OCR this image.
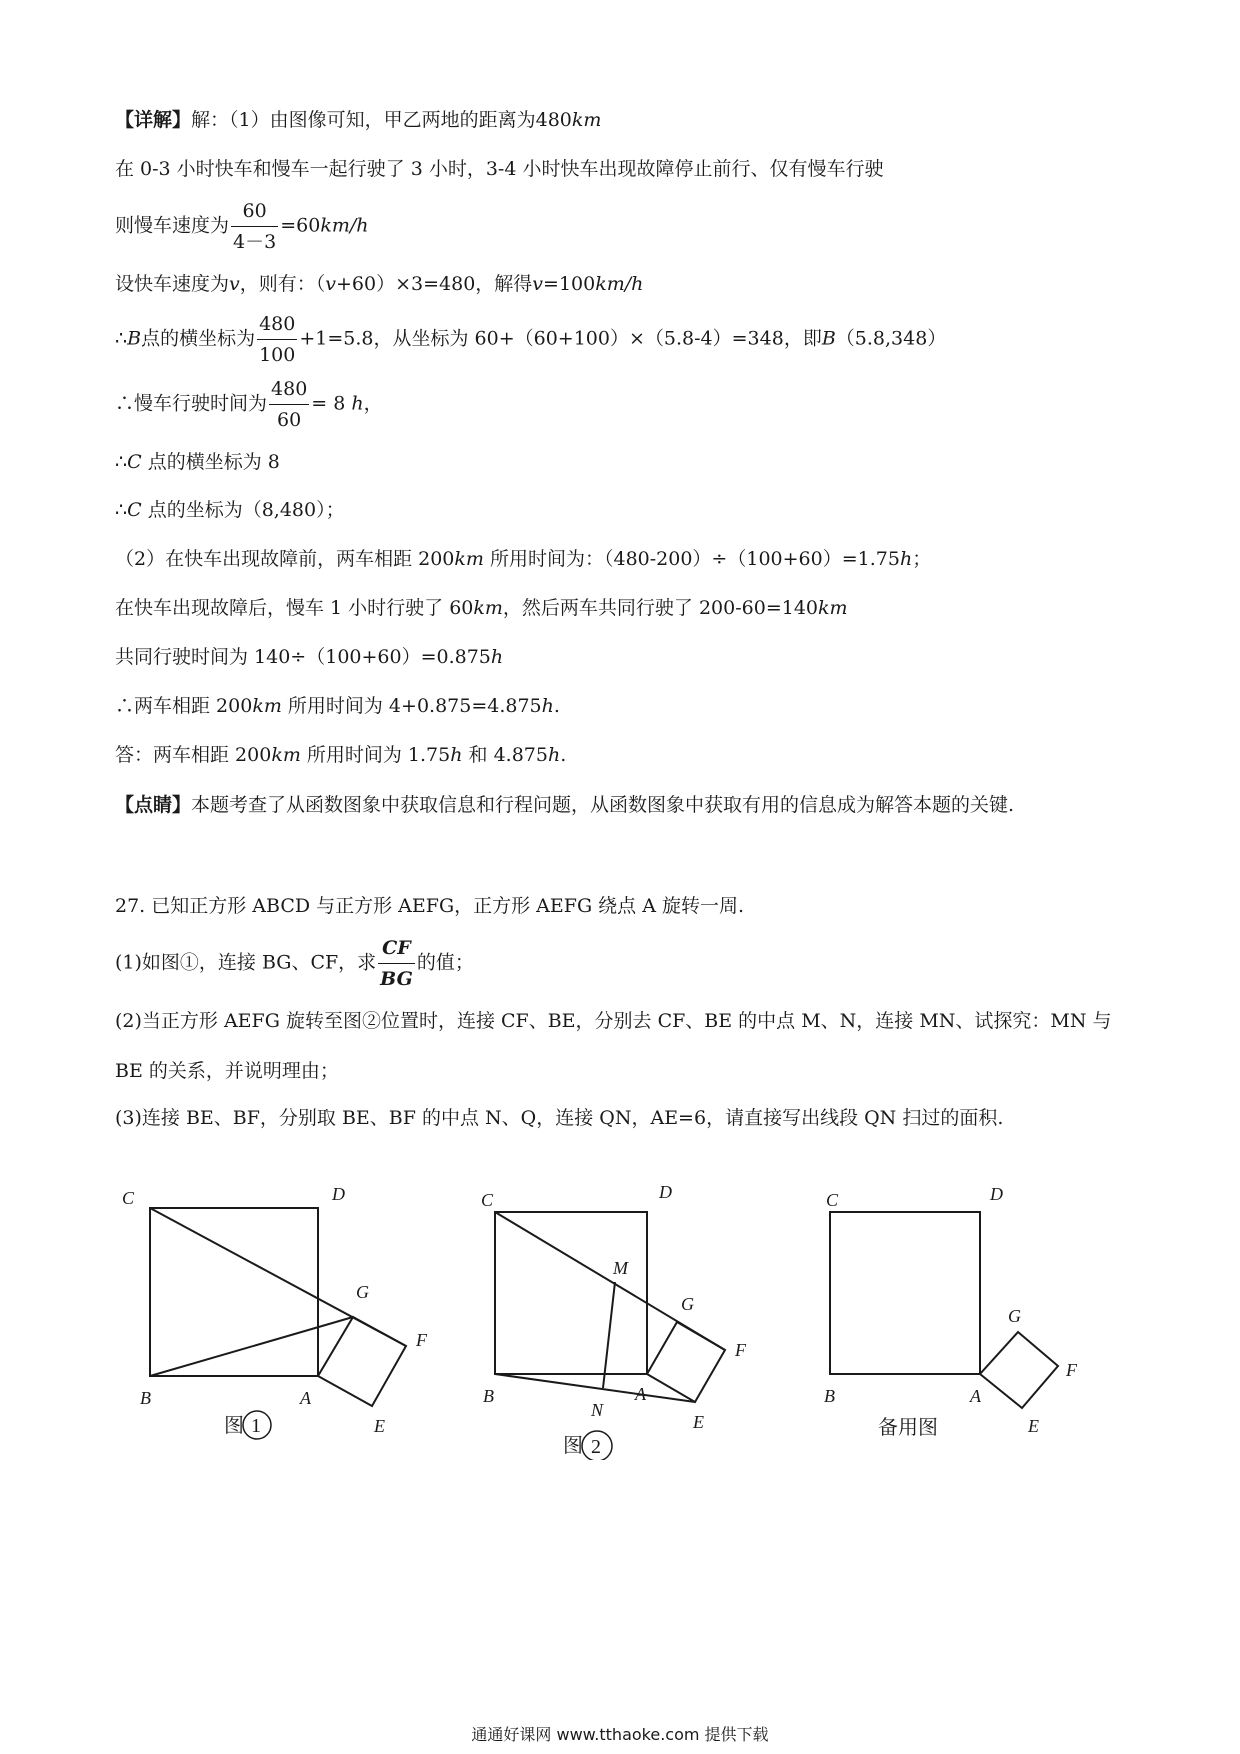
【详解】解：（1）由图像可知，甲乙两地的距离为480km
在 0-3 小时快车和慢车一起行驶了 3 小时，3-4 小时快车出现故障停止前行、仅有慢车行驶
则慢车速度为 $\frac{60}{4-3} =60km/h$
设快车速度为v，则有：（v+60）×3=480，解得v=100km/h
∴B点的横坐标为 $\frac{480}{100} +1=5.8$，从坐标为 60+（60+100）×（5.8-4）=348，即B（5.8,348）
∴慢车行驶时间为 $\frac{480}{60} = 8$ h，
∴C 点的横坐标为 8
∴C 点的坐标为（8,480）；
（2）在快车出现故障前，两车相距 200km 所用时间为：（480-200）÷（100+60）=1.75h；
在快车出现故障后，慢车 1 小时行驶了 60km，然后两车共同行驶了 200-60=140km
共同行驶时间为 140÷（100+60）=0.875h
∴两车相距 200km 所用时间为 4+0.875=4.875h.
答：两车相距 200km 所用时间为 1.75h 和 4.875h.
【点睛】本题考查了从函数图象中获取信息和行程问题，从函数图象中获取有用的信息成为解答本题的关键.
27. 已知正方形 ABCD 与正方形 AEFG，正方形 AEFG 绕点 A 旋转一周.
(1)如图①，连接 BG、CF，求 $\frac{CF}{BG}$ 的值；
(2)当正方形 AEFG 旋转至图②位置时，连接 CF、BE，分别去 CF、BE 的中点 M、N，连接 MN、试探究：MN 与 BE 的关系，并说明理由；
(3)连接 BE、BF，分别取 BE、BF 的中点 N、Q，连接 QN，AE=6，请直接写出线段 QN 扫过的面积.
C	D
B	A
G
F
E
图 1
C	D
B	A
M
N
G
F
E
图 2
C	D
B	A
G
F
E
备用图
通通好课网 www.tthaoke.com 提供下载
